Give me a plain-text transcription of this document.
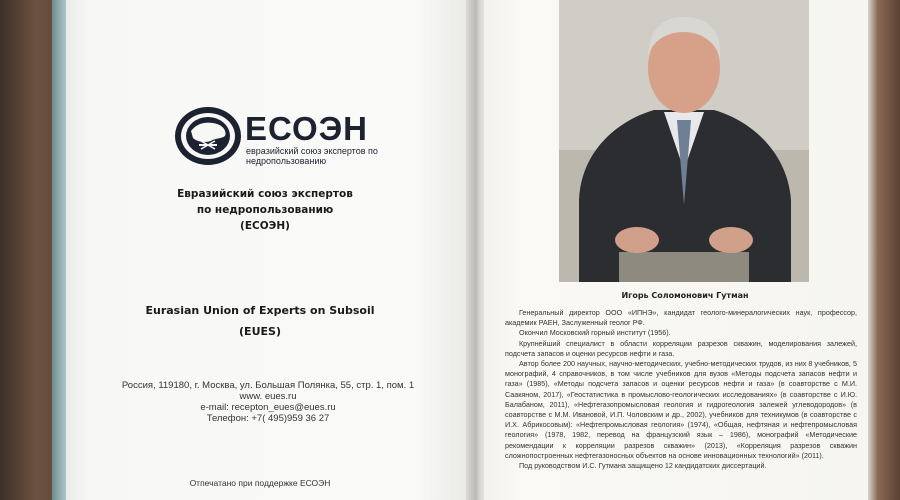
ЕСОЭН
евразийский союз экспертов по недропользованию
Евразийский союз экспертов
по недропользованию
(ЕСОЭН)
Eurasian Union of Experts on Subsoil
(EUES)
Россия, 119180, г. Москва, ул. Большая Полянка, 55, стр. 1, пом. 1
www. eues.ru
e-mail: recepton_eues@eues.ru
Телефон: +7( 495)959 36 27
Отпечатано при поддержке ЕСОЭН
Игорь Соломонович Гутман

Генеральный директор ООО «ИПНЭ», кандидат геолого-минералогических наук, профессор, академик РАЕН, Заслуженный геолог РФ.

Окончил Московский горный институт (1956).

Крупнейший специалист в области корреляции разрезов скважин, моделирования залежей, подсчета запасов и оценки ресурсов нефти и газа.

Автор более 200 научных, научно-методических, учебно-методических трудов, из них 8 учебников, 5 монографий, 4 справочников, в том числе учебников для вузов «Методы подсчета запасов нефти и газа» (1985), «Методы подсчета запасов и оценки ресурсов нефти и газа» (в соавторстве с М.И. Саакяном, 2017), «Геостатистика в промыслово-геологических исследованиях» (в соавторстве с И.Ю. Балабаном, 2011), «Нефтегазопромысловая геология и гидрогеология залежей углеводородов» (в соавторстве с М.М. Ивановой, И.П. Чоловским и др., 2002), учебников для техникумов (в соавторстве с И.Х. Абрикосовым): «Нефтепромысловая геология» (1974), «Общая, нефтяная и нефтепромысловая геология» (1978, 1982, перевод на французский язык – 1986), монографий «Методические рекомендации к корреляции разрезов скважин» (2013), «Корреляция разрезов скважин сложнопостроенных нефтегазоносных объектов на основе инновационных технологий» (2011).

Под руководством И.С. Гутмана защищено 12 кандидатских диссертаций.
